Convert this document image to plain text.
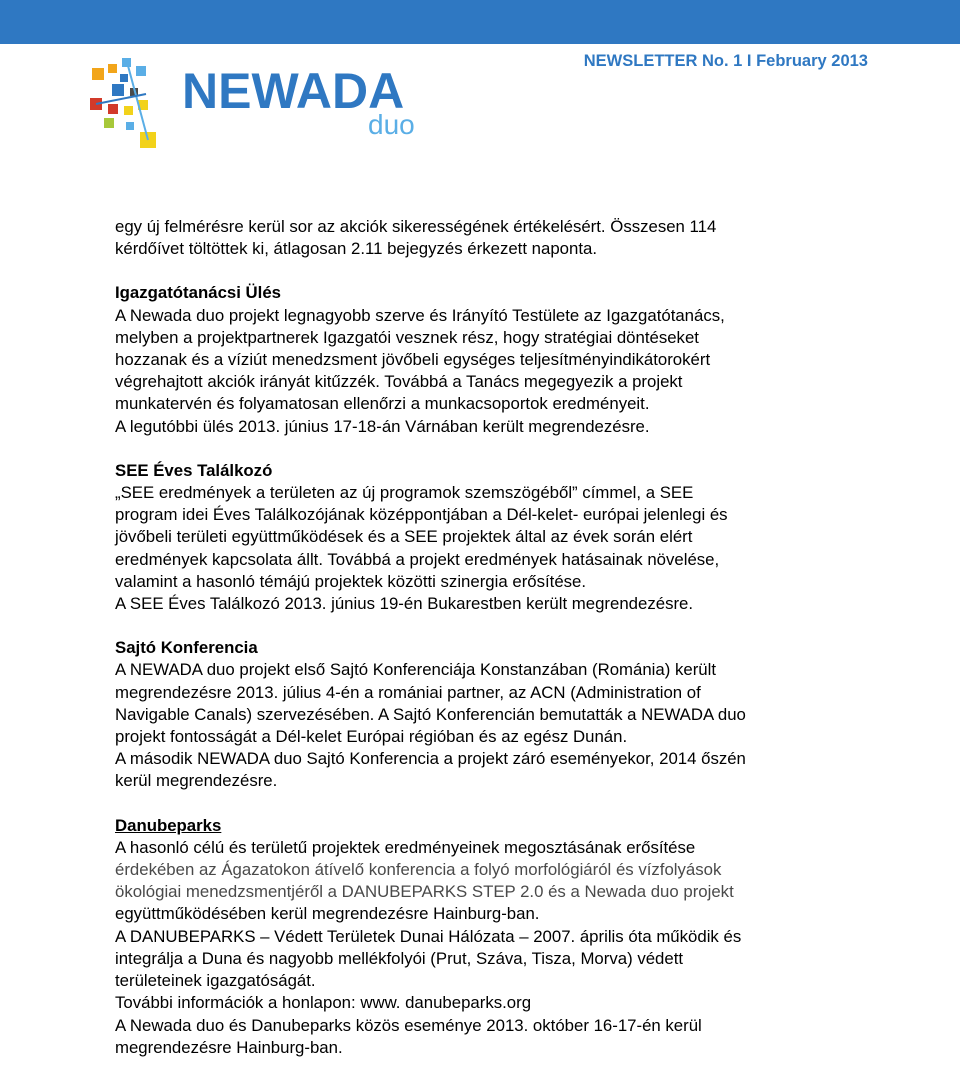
NEWADA
duo
NEWSLETTER No. 1 I February 2013

egy új felmérésre kerül sor az akciók sikerességének értékelésért. Összesen 114

kérdőívet töltöttek ki, átlagosan 2.11 bejegyzés érkezett naponta.

Igazgatótanácsi Ülés

A Newada duo projekt legnagyobb szerve és Irányító Testülete az Igazgatótanács,

melyben a projektpartnerek Igazgatói vesznek rész, hogy stratégiai döntéseket

hozzanak és a víziút menedzsment jövőbeli egységes teljesítményindikátorokért

végrehajtott akciók irányát kitűzzék. Továbbá a Tanács megegyezik a projekt

munkatervén és folyamatosan ellenőrzi a munkacsoportok eredményeit.

A legutóbbi ülés 2013. június 17-18-án Várnában került megrendezésre.

SEE Éves Találkozó

„SEE eredmények a területen az új programok szemszögéből” címmel, a SEE

program idei Éves Találkozójának középpontjában a Dél-kelet- európai jelenlegi és

jövőbeli területi együttműködések és a SEE projektek által az évek során elért

eredmények kapcsolata állt. Továbbá a projekt eredmények hatásainak növelése,

valamint a hasonló témájú projektek közötti szinergia erősítése.

A SEE Éves Találkozó 2013. június 19-én Bukarestben került megrendezésre.

Sajtó Konferencia

A NEWADA duo projekt első Sajtó Konferenciája Konstanzában (Románia) került

megrendezésre 2013. július 4-én a romániai partner, az ACN (Administration of

Navigable Canals) szervezésében. A Sajtó Konferencián bemutatták a NEWADA duo

projekt fontosságát a Dél-kelet Európai régióban és az egész Dunán.

A második NEWADA duo Sajtó Konferencia a projekt záró eseményekor, 2014 őszén

kerül megrendezésre.

Danubeparks

A hasonló célú és területű projektek eredményeinek megosztásának erősítése

érdekében az Ágazatokon átívelő konferencia a folyó morfológiáról és vízfolyások

ökológiai menedzsmentjéről a DANUBEPARKS STEP 2.0 és a Newada duo projekt

együttműködésében kerül megrendezésre Hainburg-ban.

A DANUBEPARKS – Védett Területek Dunai Hálózata – 2007. április óta működik és

integrálja a Duna és nagyobb mellékfolyói (Prut, Száva, Tisza, Morva) védett

területeinek igazgatóságát.

További információk a honlapon: www. danubeparks.org

A Newada duo és Danubeparks közös eseménye 2013. október 16-17-én kerül

megrendezésre Hainburg-ban.
